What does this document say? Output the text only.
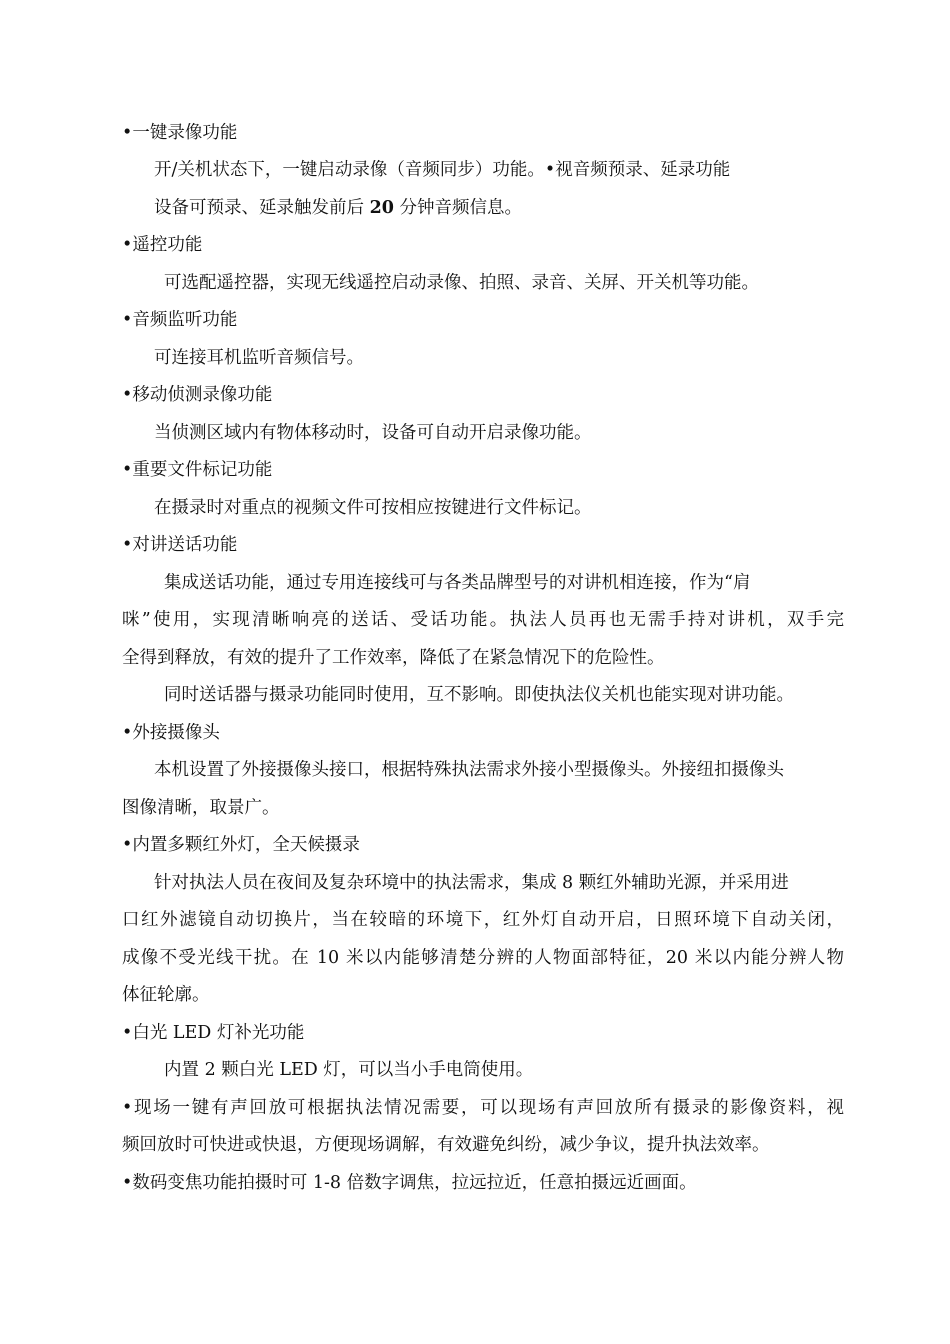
•一键录像功能
开/关机状态下，一键启动录像（音频同步）功能。•视音频预录、延录功能
设备可预录、延录触发前后 20 分钟音频信息。
•遥控功能
可选配遥控器，实现无线遥控启动录像、拍照、录音、关屏、开关机等功能。
•音频监听功能
可连接耳机监听音频信号。
•移动侦测录像功能
当侦测区域内有物体移动时，设备可自动开启录像功能。
•重要文件标记功能
在摄录时对重点的视频文件可按相应按键进行文件标记。
•对讲送话功能
集成送话功能，通过专用连接线可与各类品牌型号的对讲机相连接，作为“肩
咪”使用，实现清晰响亮的送话、受话功能。执法人员再也无需手持对讲机，双手完
全得到释放，有效的提升了工作效率，降低了在紧急情况下的危险性。
同时送话器与摄录功能同时使用，互不影响。即使执法仪关机也能实现对讲功能。
•外接摄像头
本机设置了外接摄像头接口，根据特殊执法需求外接小型摄像头。外接纽扣摄像头
图像清晰，取景广。
•内置多颗红外灯，全天候摄录
针对执法人员在夜间及复杂环境中的执法需求，集成 8 颗红外辅助光源，并采用进
口红外滤镜自动切换片，当在较暗的环境下，红外灯自动开启，日照环境下自动关闭，
成像不受光线干扰。在 10 米以内能够清楚分辨的人物面部特征，20 米以内能分辨人物
体征轮廓。
•白光 LED 灯补光功能
内置 2 颗白光 LED 灯，可以当小手电筒使用。
•现场一键有声回放可根据执法情况需要，可以现场有声回放所有摄录的影像资料，视
频回放时可快进或快退，方便现场调解，有效避免纠纷，减少争议，提升执法效率。
•数码变焦功能拍摄时可 1-8 倍数字调焦，拉远拉近，任意拍摄远近画面。
